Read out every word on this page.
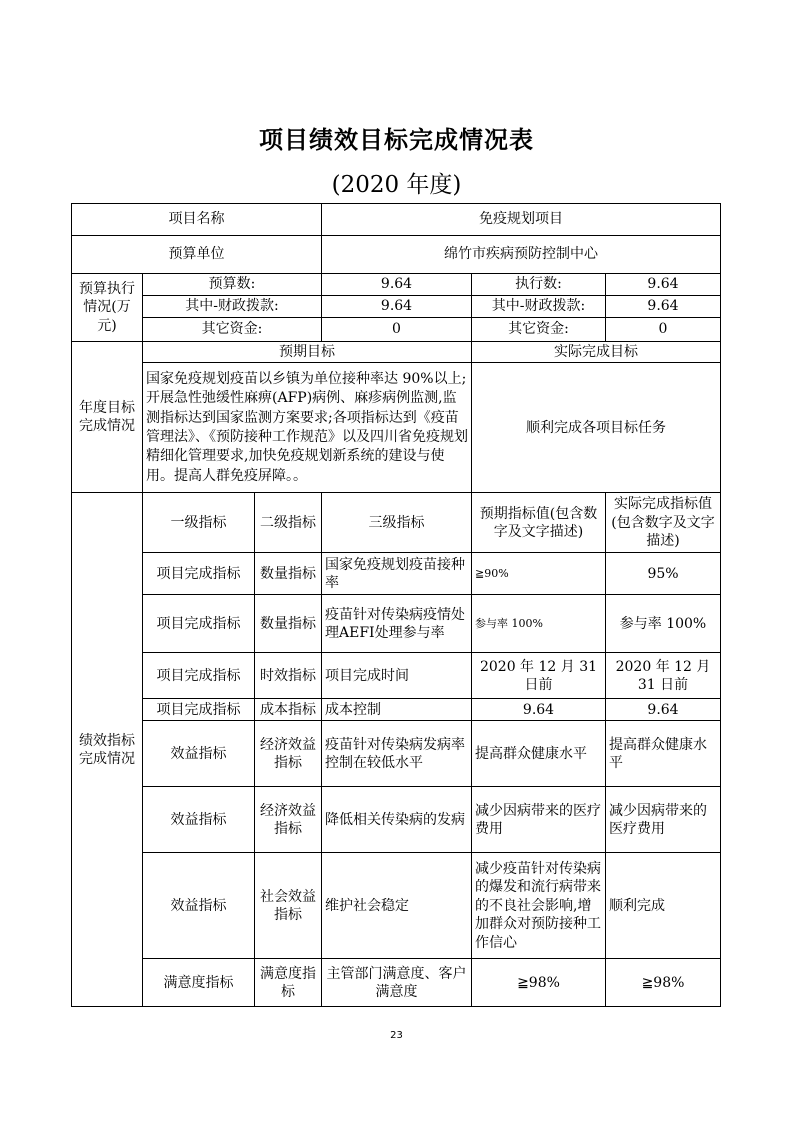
项目绩效目标完成情况表
(2020 年度)
项目名称			免疫规划项目		
预算单位			绵竹市疾病预防控制中心		
预算执行情况(万元)	预算数:		9.64	执行数:	9.64
	其中-财政拨款:		9.64	其中-财政拨款:	9.64
	其它资金:		0	其它资金:	0
年度目标完成情况	预期目标			实际完成目标	
	国家免疫规划疫苗以乡镇为单位接种率达 90%以上;开展急性弛缓性麻痹(AFP)病例、麻疹病例监测,监测指标达到国家监测方案要求;各项指标达到《疫苗管理法》、《预防接种工作规范》以及四川省免疫规划精细化管理要求,加快免疫规划新系统的建设与使用。提高人群免疫屏障。。			顺利完成各项目标任务	
绩效指标完成情况	一级指标	二级指标	三级指标	预期指标值(包含数字及文字描述)	实际完成指标值(包含数字及文字描述)
	项目完成指标	数量指标	国家免疫规划疫苗接种率	≧90%	95%
	项目完成指标	数量指标	疫苗针对传染病疫情处理AEFI处理参与率	参与率 100%	参与率 100%
	项目完成指标	时效指标	项目完成时间	2020 年 12 月 31 日前	2020 年 12 月 31 日前
	项目完成指标	成本指标	成本控制	9.64	9.64
	效益指标	经济效益指标	疫苗针对传染病发病率控制在较低水平	提高群众健康水平	提高群众健康水平
	效益指标	经济效益指标	降低相关传染病的发病	减少因病带来的医疗费用	减少因病带来的医疗费用
	效益指标	社会效益指标	维护社会稳定	减少疫苗针对传染病的爆发和流行病带来的不良社会影响,增加群众对预防接种工作信心	顺利完成
	满意度指标	满意度指标	主管部门满意度、客户满意度	≧98%	≧98%
23
